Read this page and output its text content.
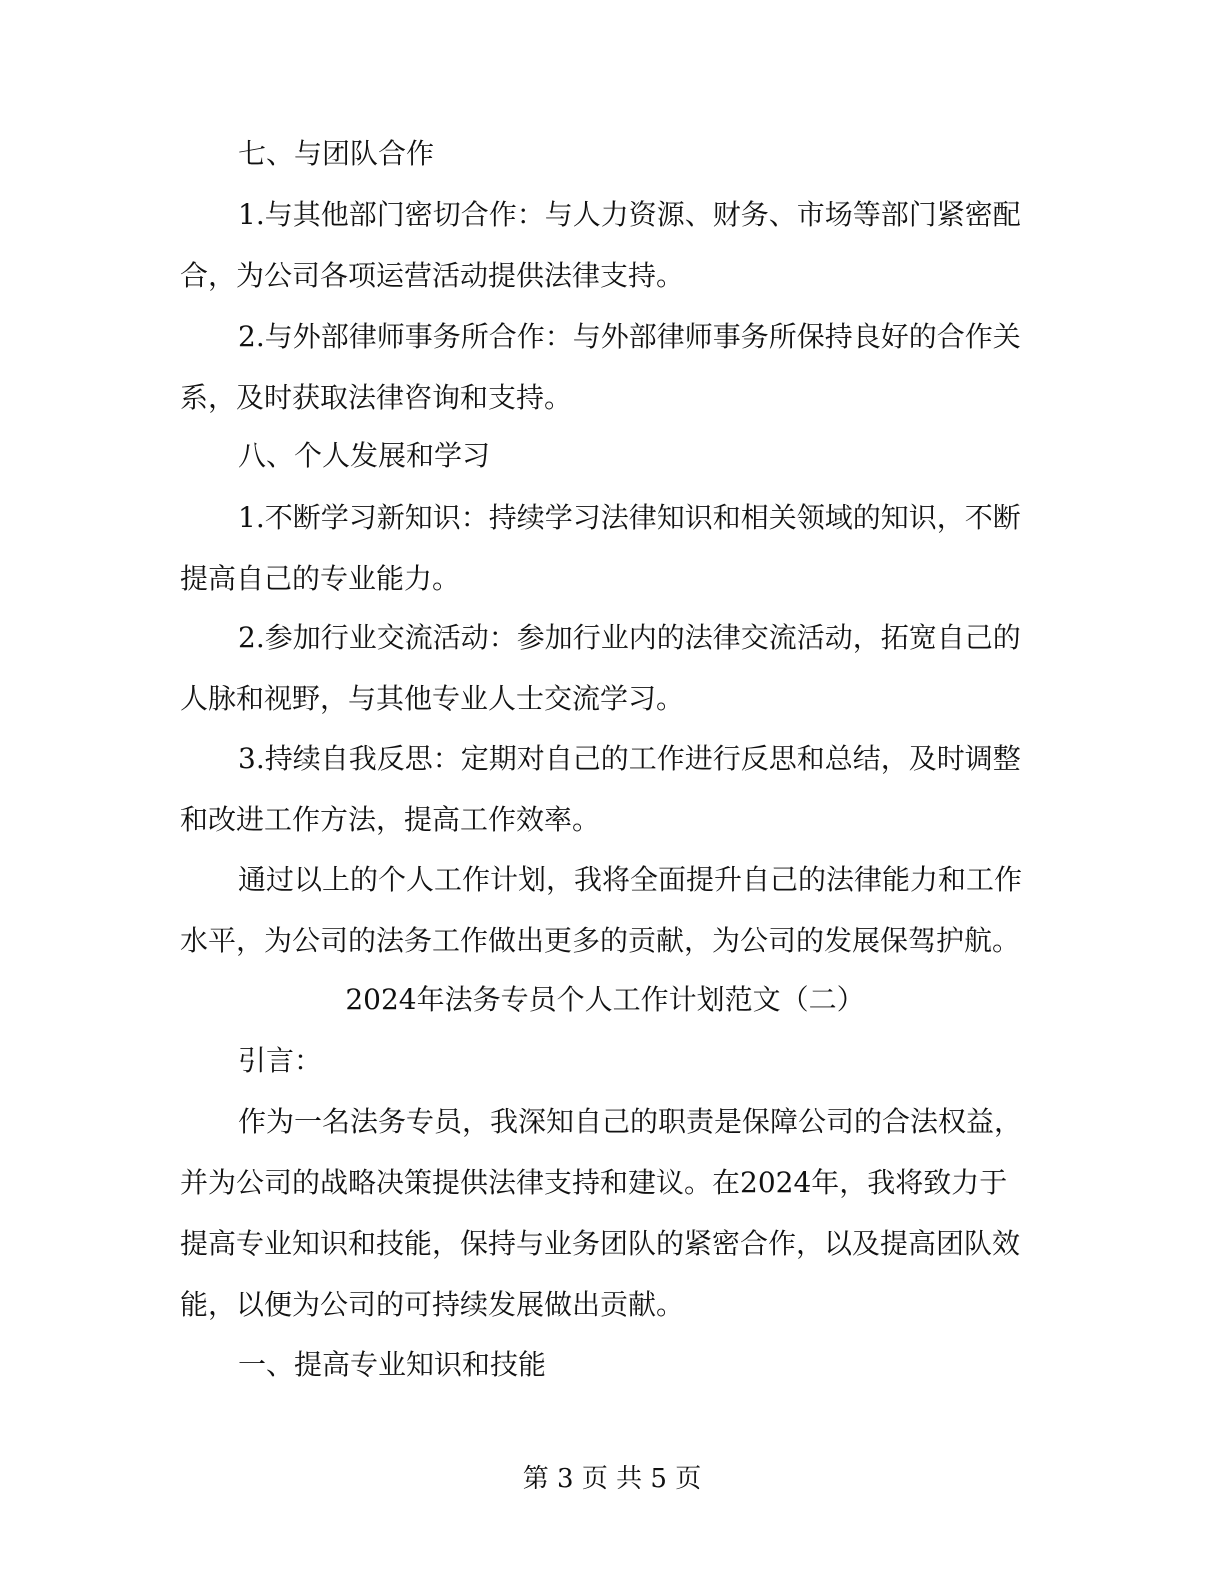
七、与团队合作

1.与其他部门密切合作：与人力资源、财务、市场等部门紧密配合，为公司各项运营活动提供法律支持。

2.与外部律师事务所合作：与外部律师事务所保持良好的合作关系，及时获取法律咨询和支持。

八、个人发展和学习

1.不断学习新知识：持续学习法律知识和相关领域的知识，不断提高自己的专业能力。

2.参加行业交流活动：参加行业内的法律交流活动，拓宽自己的人脉和视野，与其他专业人士交流学习。

3.持续自我反思：定期对自己的工作进行反思和总结，及时调整和改进工作方法，提高工作效率。

通过以上的个人工作计划，我将全面提升自己的法律能力和工作水平，为公司的法务工作做出更多的贡献，为公司的发展保驾护航。

2024年法务专员个人工作计划范文（二）

引言：

作为一名法务专员，我深知自己的职责是保障公司的合法权益，并为公司的战略决策提供法律支持和建议。在2024年，我将致力于提高专业知识和技能，保持与业务团队的紧密合作，以及提高团队效能，以便为公司的可持续发展做出贡献。

一、提高专业知识和技能

第 3 页 共 5 页
